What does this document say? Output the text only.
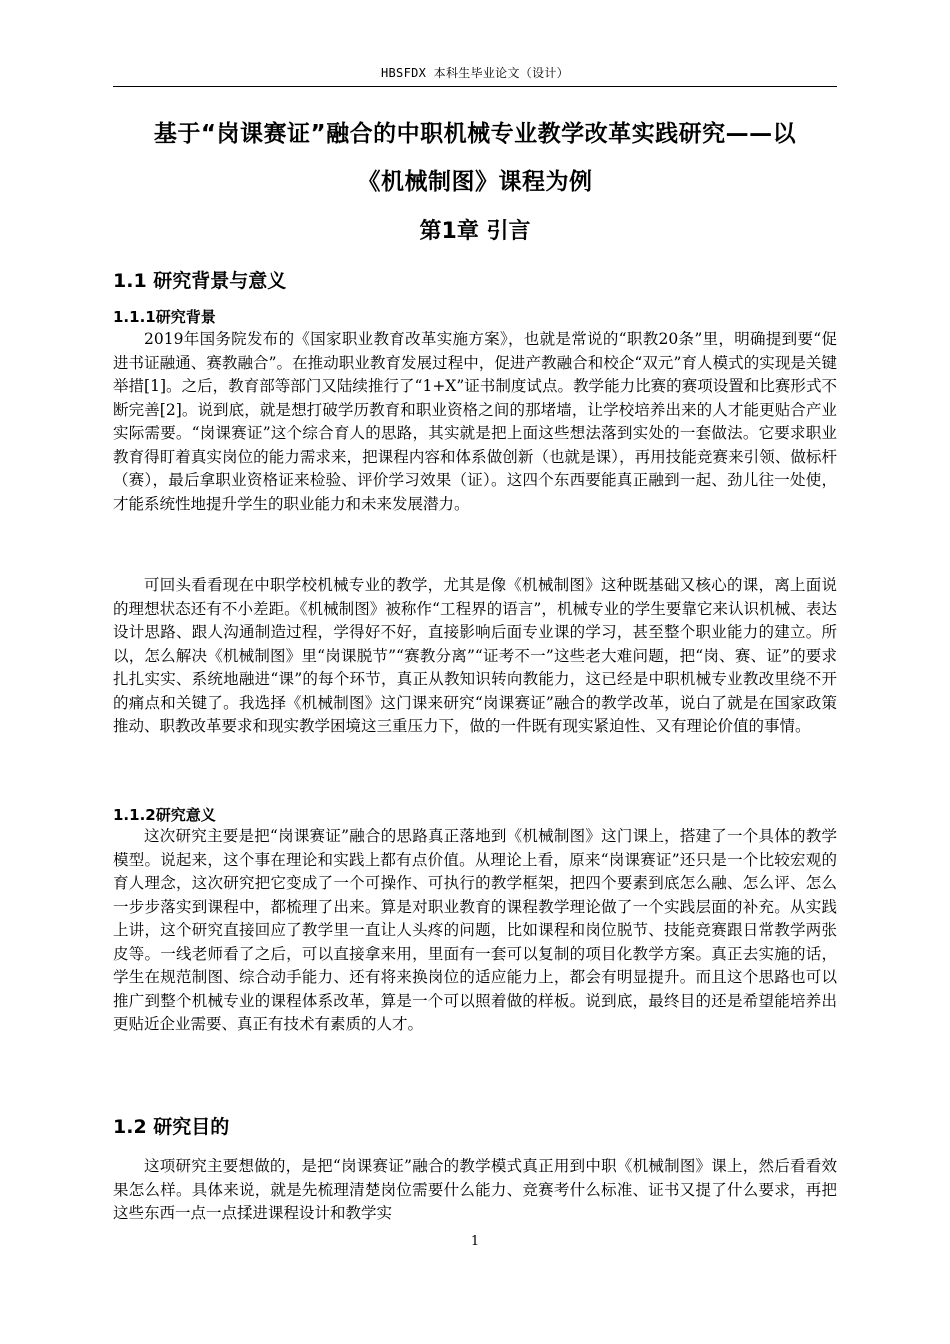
HBSFDX 本科生毕业论文（设计）
基于“岗课赛证”融合的中职机械专业教学改革实践研究——以
《机械制图》课程为例
第1章 引言
1.1 研究背景与意义
1.1.1研究背景

2019年国务院发布的《国家职业教育改革实施方案》，也就是常说的“职教20条”里，明确提到要“促进书证融通、赛教融合”。在推动职业教育发展过程中，促进产教融合和校企“双元”育人模式的实现是关键举措[1]。之后，教育部等部门又陆续推行了“1+X”证书制度试点。教学能力比赛的赛项设置和比赛形式不断完善[2]。说到底，就是想打破学历教育和职业资格之间的那堵墙，让学校培养出来的人才能更贴合产业实际需要。“岗课赛证”这个综合育人的思路，其实就是把上面这些想法落到实处的一套做法。它要求职业教育得盯着真实岗位的能力需求来，把课程内容和体系做创新（也就是课），再用技能竞赛来引领、做标杆（赛），最后拿职业资格证来检验、评价学习效果（证）。这四个东西要能真正融到一起、劲儿往一处使，才能系统性地提升学生的职业能力和未来发展潜力。

可回头看看现在中职学校机械专业的教学，尤其是像《机械制图》这种既基础又核心的课，离上面说的理想状态还有不小差距。《机械制图》被称作“工程界的语言”，机械专业的学生要靠它来认识机械、表达设计思路、跟人沟通制造过程，学得好不好，直接影响后面专业课的学习，甚至整个职业能力的建立。所以，怎么解决《机械制图》里“岗课脱节”“赛教分离”“证考不一”这些老大难问题，把“岗、赛、证”的要求扎扎实实、系统地融进“课”的每个环节，真正从教知识转向教能力，这已经是中职机械专业教改里绕不开的痛点和关键了。我选择《机械制图》这门课来研究“岗课赛证”融合的教学改革，说白了就是在国家政策推动、职教改革要求和现实教学困境这三重压力下，做的一件既有现实紧迫性、又有理论价值的事情。

1.1.2研究意义

这次研究主要是把“岗课赛证”融合的思路真正落地到《机械制图》这门课上，搭建了一个具体的教学模型。说起来，这个事在理论和实践上都有点价值。从理论上看，原来“岗课赛证”还只是一个比较宏观的育人理念，这次研究把它变成了一个可操作、可执行的教学框架，把四个要素到底怎么融、怎么评、怎么一步步落实到课程中，都梳理了出来。算是对职业教育的课程教学理论做了一个实践层面的补充。从实践上讲，这个研究直接回应了教学里一直让人头疼的问题，比如课程和岗位脱节、技能竞赛跟日常教学两张皮等。一线老师看了之后，可以直接拿来用，里面有一套可以复制的项目化教学方案。真正去实施的话，学生在规范制图、综合动手能力、还有将来换岗位的适应能力上，都会有明显提升。而且这个思路也可以推广到整个机械专业的课程体系改革，算是一个可以照着做的样板。说到底，最终目的还是希望能培养出更贴近企业需要、真正有技术有素质的人才。

1.2 研究目的

这项研究主要想做的，是把“岗课赛证”融合的教学模式真正用到中职《机械制图》课上，然后看看效果怎么样。具体来说，就是先梳理清楚岗位需要什么能力、竞赛考什么标准、证书又提了什么要求，再把这些东西一点一点揉进课程设计和教学实

1
